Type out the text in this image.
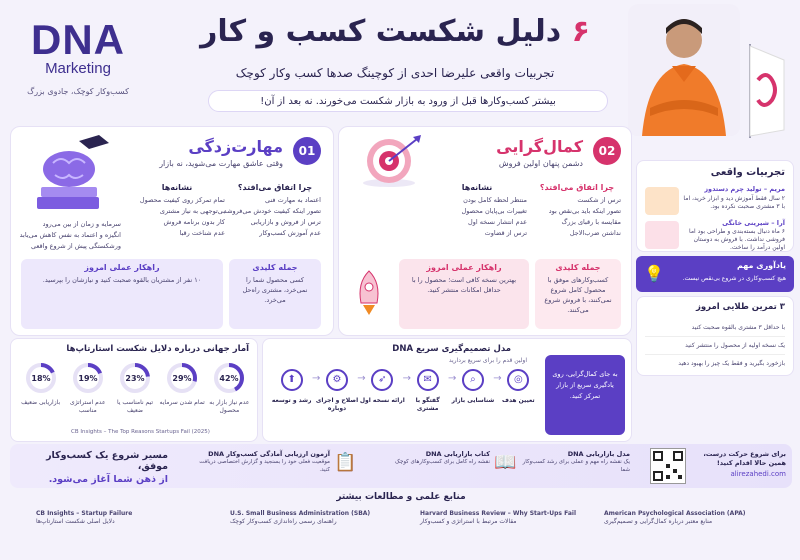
DNA
Marketing
کسب‌وکار کوچک، جادوی بزرگ
۶ دلیل شکست کسب و کار
تجربیات واقعی علیرضا احدی از کوچینگ صدها کسب وکار کوچک
بیشتر کسب‌وکارها قبل از ورود به بازار شکست می‌خورند. نه بعد از آن!
02
کمال‌گرایی
دشمن پنهان اولین فروش
چرا اتفاق می‌افتد؟
ترس از شکست
تصور اینکه باید بی‌نقص بود
مقایسه با رقبای بزرگ
نداشتن ضرب‌الاجل
نشانه‌ها
منتظر لحظه کامل بودن
تغییرات بی‌پایان محصول
عدم انتشار نسخه اول
ترس از قضاوت
جمله کلیدی
کسب‌وکارهای موفق با محصول کامل شروع نمی‌کنند، با فروش شروع می‌کنند.
راهکار عملی امروز
بهترین نسخه کافی است؛ محصول را با حداقل امکانات منتشر کنید.
01
مهارت‌زدگی
وقتی عاشق مهارت می‌شوید، نه بازار
چرا اتفاق می‌افتد؟
اعتماد به مهارت فنی
تصور اینکه کیفیت خودش می‌فروشد
ترس از فروش و بازاریابی
عدم آموزش کسب‌وکار
نشانه‌ها
تمام تمرکز روی کیفیت محصول
بی‌توجهی به نیاز مشتری
کار بدون برنامه فروش
عدم شناخت رقبا
سرمایه و زمان از بین می‌رود
انگیزه و اعتماد به نفس کاهش می‌یابد
ورشکستگی پیش از شروع واقعی
جمله کلیدی
کسی محصول شما را نمی‌خرد، مشتری راه‌حل می‌خرد.
راهکار عملی امروز
۱۰ نفر از مشتریان بالقوه صحبت کنید و نیازشان را بپرسید.
تجربیات واقعی
مریم – تولید چرم دستدوز
۲ سال فقط آموزش دید و ابزار خرید، اما با ۳ مشتری صحبت نکرده بود.
آرا – شیرینی خانگی
۶ ماه دنبال بسته‌بندی و طراحی بود اما فروشی نداشت. با فروش به دوستان اولین درآمد را ساخت.
یادآوری مهم
هیچ کسب‌وکاری در شروع بی‌نقص نیست.
💡
۳ تمرین طلایی امروز
با حداقل ۳ مشتری بالقوه صحبت کنید
یک نسخه اولیه از محصول را منتشر کنید
بازخورد بگیرید و فقط یک چیز را بهبود دهید
آمار جهانی درباره دلایل شکست استارتاپ‌ها
18%
بازاریابی ضعیف
19%
عدم استراتژی مناسب
23%
تیم نامناسب یا ضعیف
29%
تمام شدن سرمایه
42%
عدم نیاز بازار به محصول
CB Insights – The Top Reasons Startups Fail (2025)
مدل تصمیم‌گیری سریع DNA
اولین قدم را برای سریع بردارید
⬆
رشد و توسعه
→	⚙
اصلاح و اجرای دوباره
→	➶
ارائه نسخه اول
→	✉
گفتگو با مشتری
→	⌕
شناسایی بازار
→	◎
تعیین هدف
به جای کمال‌گرایی، روی یادگیری سریع از بازار تمرکز کنید.
مسیر شروع یک کسب‌وکار موفق،
از ذهن شما آغاز می‌شود.
آزمون ارزیابی آمادگی کسب‌وکار DNA
موقعیت فعلی خود را بسنجید و گزارش اختصاصی دریافت کنید. 📋	کتاب بازاریابی DNA
نقشه راه کامل برای کسب‌وکارهای کوچک 📖	مدل بازاریابی DNA
یک نقشه راه مهم و عملی برای رشد کسب‌وکار شما
برای شروع حرکت درست، همین حالا اقدام کنید!
alirezahedi.com
منابع علمی و مطالعات بیشتر
American Psychological Association (APA)
منابع معتبر درباره کمال‌گرایی و تصمیم‌گیری
Harvard Business Review – Why Start-Ups Fail
مقالات مرتبط با استراتژی و کسب‌وکار
U.S. Small Business Administration (SBA)
راهنمای رسمی راه‌اندازی کسب‌وکار کوچک
CB Insights – Startup Failure
دلایل اصلی شکست استارتاپ‌ها
